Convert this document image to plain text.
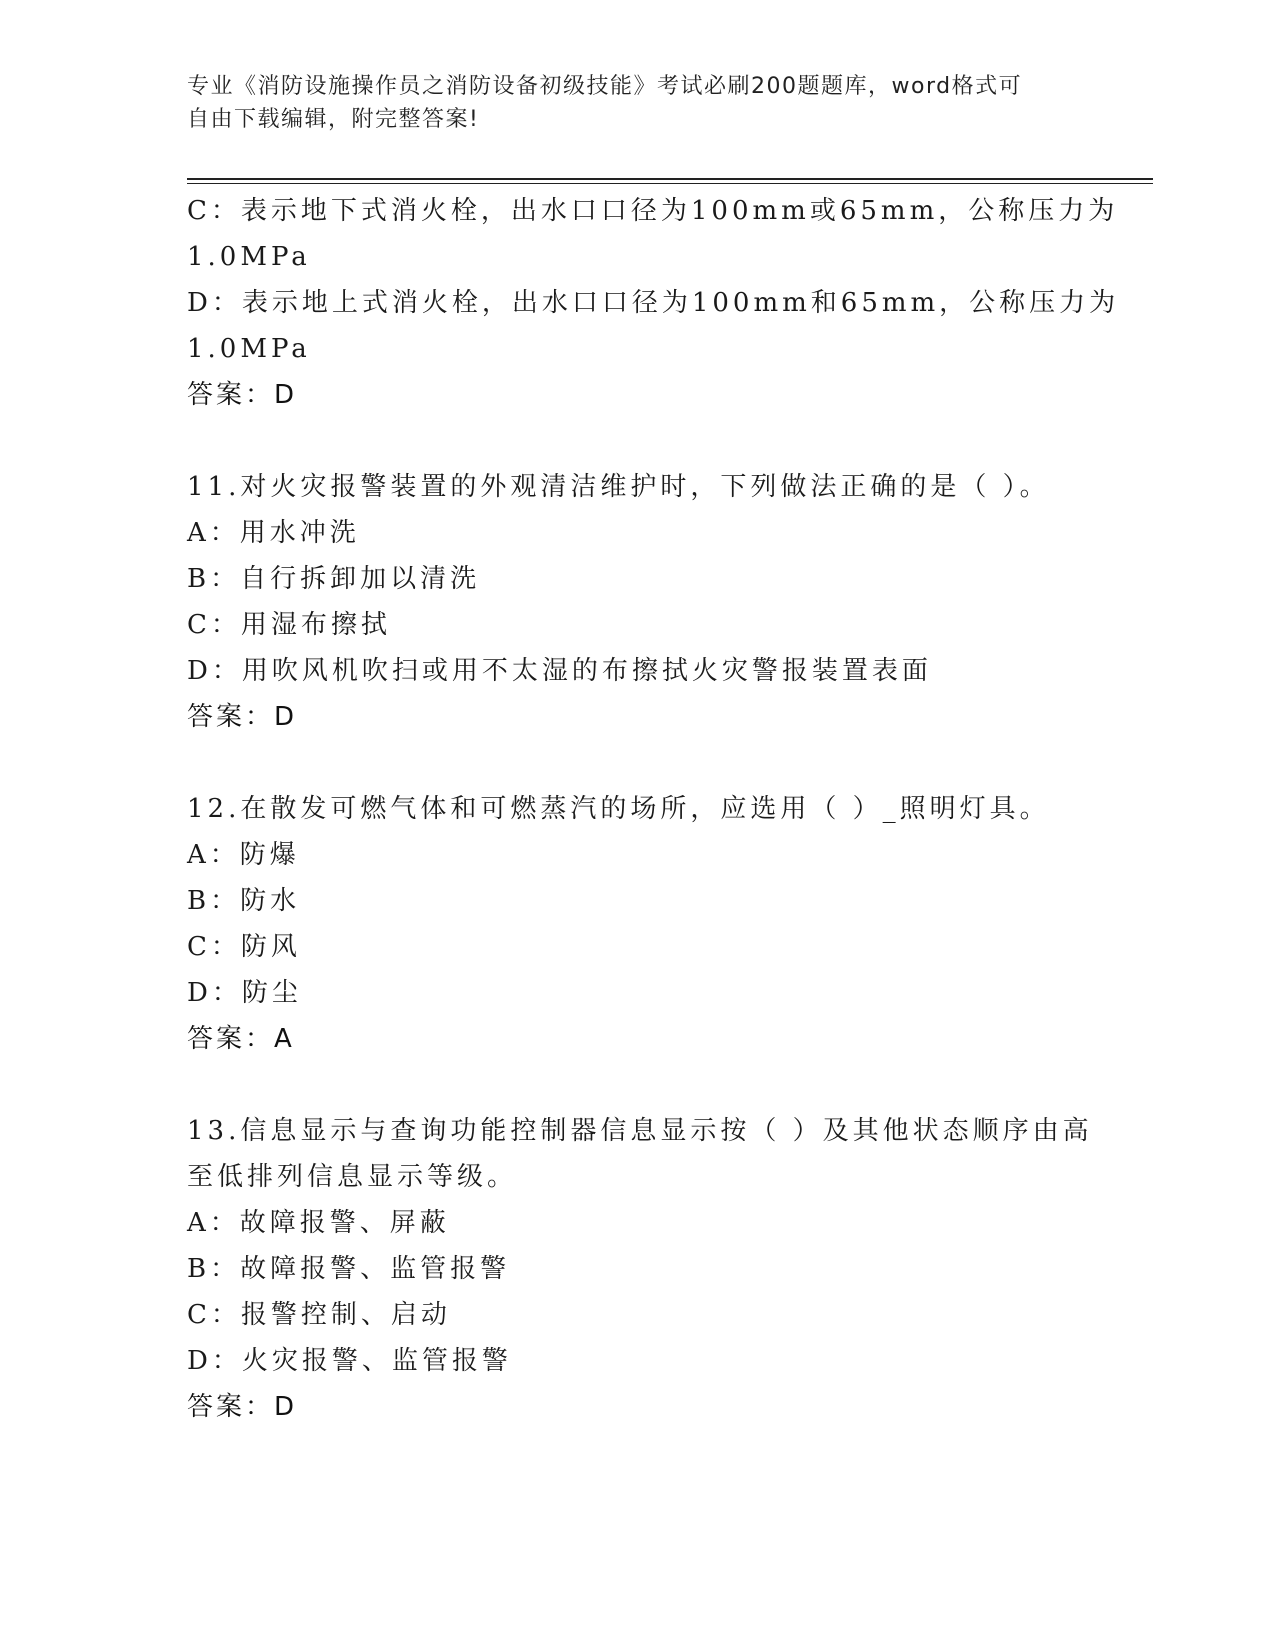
专业《消防设施操作员之消防设备初级技能》考试必刷200题题库，word格式可
自由下载编辑，附完整答案!
C：表示地下式消火栓，出水口口径为100mm或65mm，公称压力为
1.0MPa
D：表示地上式消火栓，出水口口径为100mm和65mm，公称压力为
1.0MPa
答案：D
11.对火灾报警装置的外观清洁维护时，下列做法正确的是（ ）。
A：用水冲洗
B：自行拆卸加以清洗
C：用湿布擦拭
D：用吹风机吹扫或用不太湿的布擦拭火灾警报装置表面
答案：D
12.在散发可燃气体和可燃蒸汽的场所，应选用（ ）_照明灯具。
A：防爆
B：防水
C：防风
D：防尘
答案：A
13.信息显示与查询功能控制器信息显示按（ ）及其他状态顺序由高
至低排列信息显示等级。
A：故障报警、屏蔽
B：故障报警、监管报警
C：报警控制、启动
D：火灾报警、监管报警
答案：D
